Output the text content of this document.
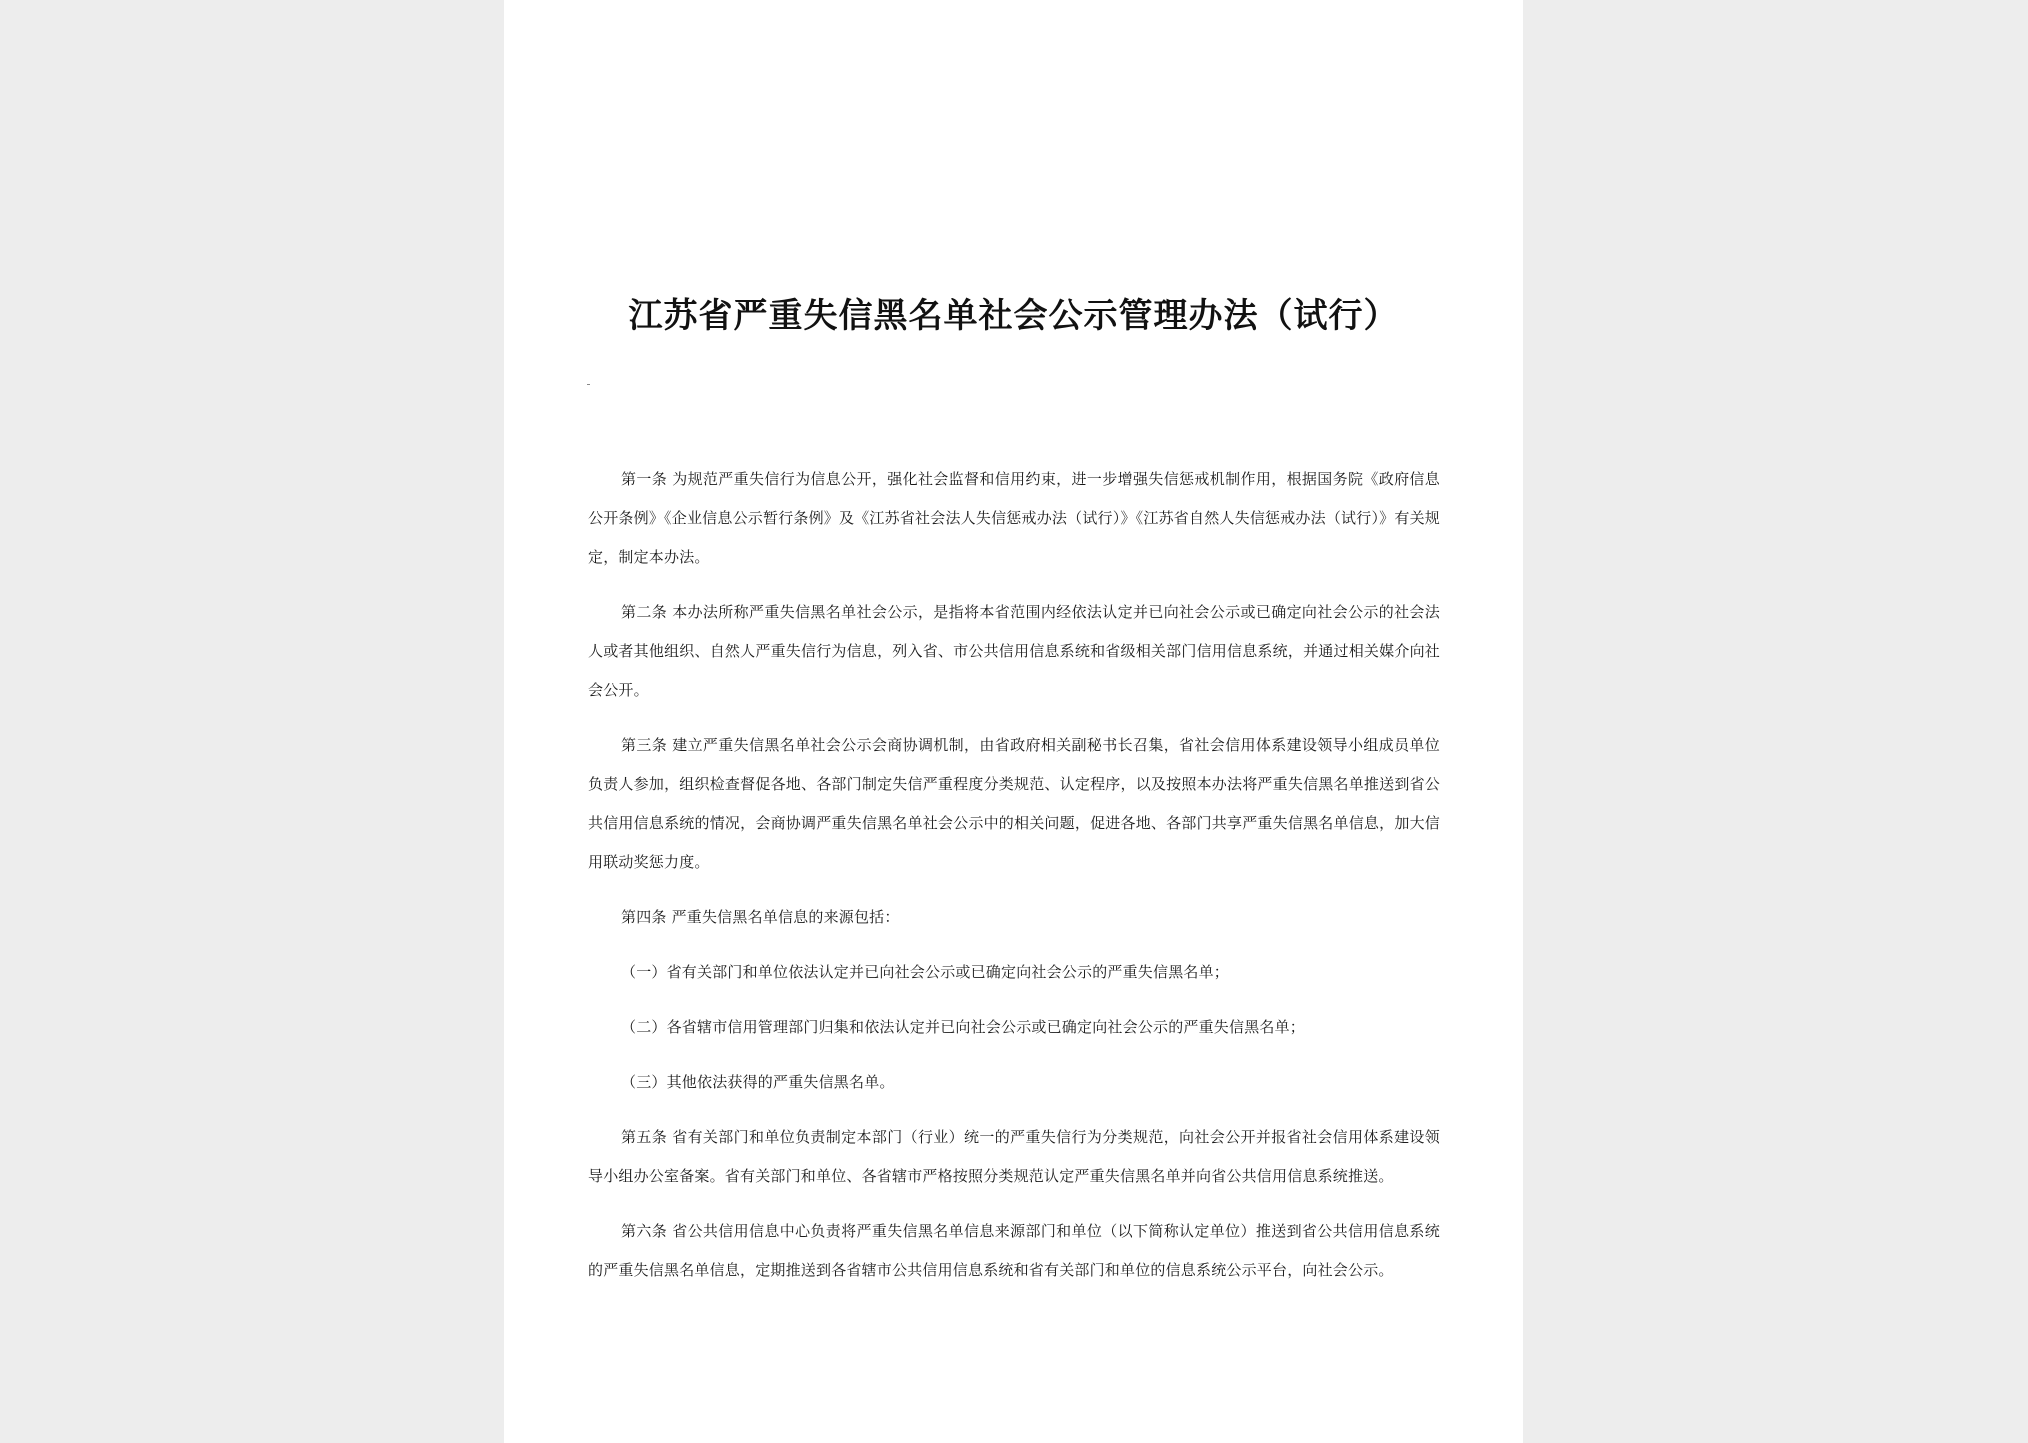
江苏省严重失信黑名单社会公示管理办法（试行）

第一条 为规范严重失信行为信息公开，强化社会监督和信用约束，进一步增强失信惩戒机制作用，根据国务院《政府信息公开条例》《企业信息公示暂行条例》及《江苏省社会法人失信惩戒办法（试行）》《江苏省自然人失信惩戒办法（试行）》有关规定，制定本办法。

第二条 本办法所称严重失信黑名单社会公示，是指将本省范围内经依法认定并已向社会公示或已确定向社会公示的社会法人或者其他组织、自然人严重失信行为信息，列入省、市公共信用信息系统和省级相关部门信用信息系统，并通过相关媒介向社会公开。

第三条 建立严重失信黑名单社会公示会商协调机制，由省政府相关副秘书长召集，省社会信用体系建设领导小组成员单位负责人参加，组织检查督促各地、各部门制定失信严重程度分类规范、认定程序，以及按照本办法将严重失信黑名单推送到省公共信用信息系统的情况，会商协调严重失信黑名单社会公示中的相关问题，促进各地、各部门共享严重失信黑名单信息，加大信用联动奖惩力度。

第四条 严重失信黑名单信息的来源包括：

（一）省有关部门和单位依法认定并已向社会公示或已确定向社会公示的严重失信黑名单；

（二）各省辖市信用管理部门归集和依法认定并已向社会公示或已确定向社会公示的严重失信黑名单；

（三）其他依法获得的严重失信黑名单。

第五条 省有关部门和单位负责制定本部门（行业）统一的严重失信行为分类规范，向社会公开并报省社会信用体系建设领导小组办公室备案。省有关部门和单位、各省辖市严格按照分类规范认定严重失信黑名单并向省公共信用信息系统推送。

第六条 省公共信用信息中心负责将严重失信黑名单信息来源部门和单位（以下简称认定单位）推送到省公共信用信息系统的严重失信黑名单信息，定期推送到各省辖市公共信用信息系统和省有关部门和单位的信息系统公示平台，向社会公示。
